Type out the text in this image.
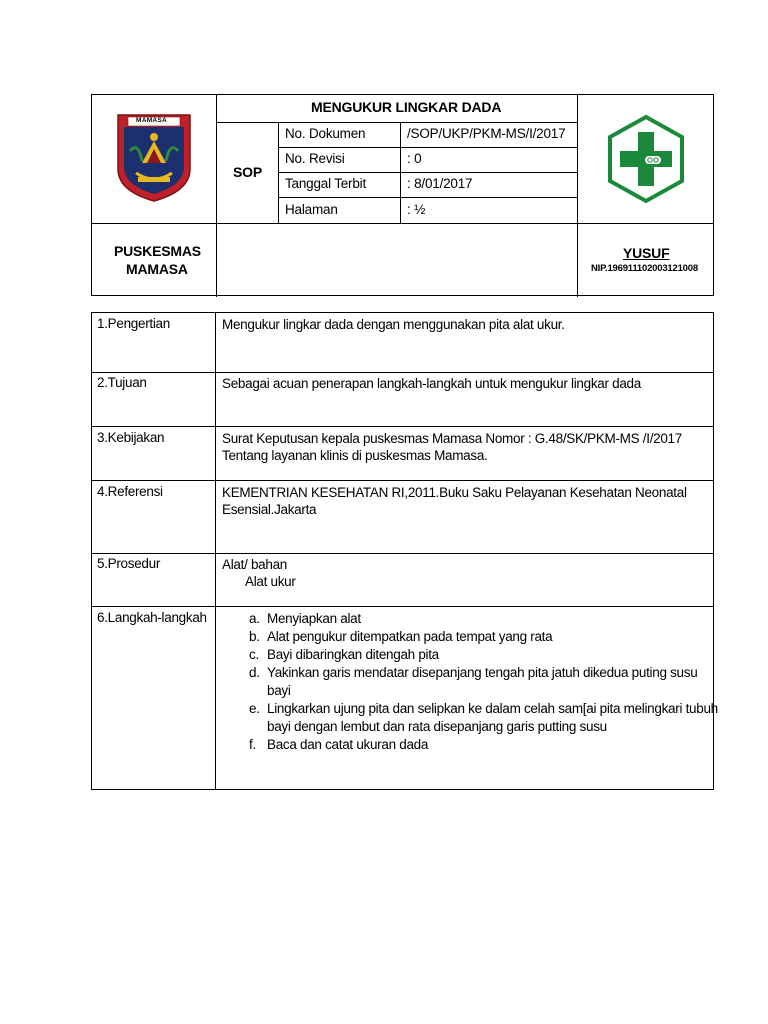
MAMASA
MENGUKUR LINGKAR DADA
SOP
No. Dokumen	/SOP/UKP/PKM-MS/I/2017
No. Revisi	: 0
Tanggal Terbit	: 8/01/2017
Halaman	: ½
PUSKESMAS
MAMASA
YUSUF
NIP.196911102003121008
1.Pengertian	Mengukur lingkar dada dengan menggunakan pita alat ukur.
2.Tujuan	Sebagai acuan penerapan langkah-langkah untuk mengukur lingkar dada
3.Kebijakan	Surat Keputusan kepala puskesmas Mamasa Nomor : G.48/SK/PKM-MS /I/2017
Tentang layanan klinis di puskesmas Mamasa.
4.Referensi	KEMENTRIAN KESEHATAN RI,2011.Buku Saku Pelayanan Kesehatan Neonatal
Esensial.Jakarta
5.Prosedur	Alat/ bahan
Alat ukur
6.Langkah-langkah	a. Menyiapkan alat
b. Alat pengukur ditempatkan pada tempat yang rata
c. Bayi dibaringkan ditengah pita
d. Yakinkan garis mendatar disepanjang tengah pita jatuh dikedua puting susu
bayi
e. Lingkarkan ujung pita dan selipkan ke dalam celah sam[ai pita melingkari tubuh
bayi dengan lembut dan rata disepanjang garis putting susu
f. Baca dan catat ukuran dada
